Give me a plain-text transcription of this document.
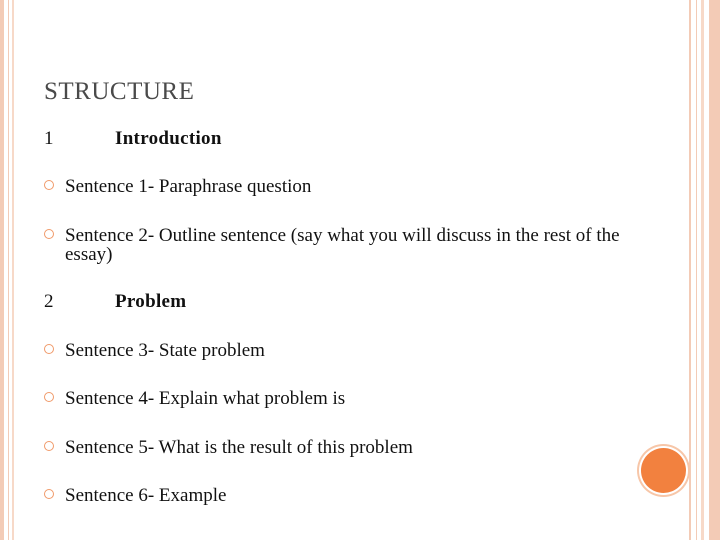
STRUCTURE
1	Introduction
Sentence 1- Paraphrase question
Sentence 2- Outline sentence (say what you will discuss in the rest of the essay)
2	Problem
Sentence 3- State problem
Sentence 4- Explain what problem is
Sentence 5- What is the result of this problem
Sentence 6- Example
